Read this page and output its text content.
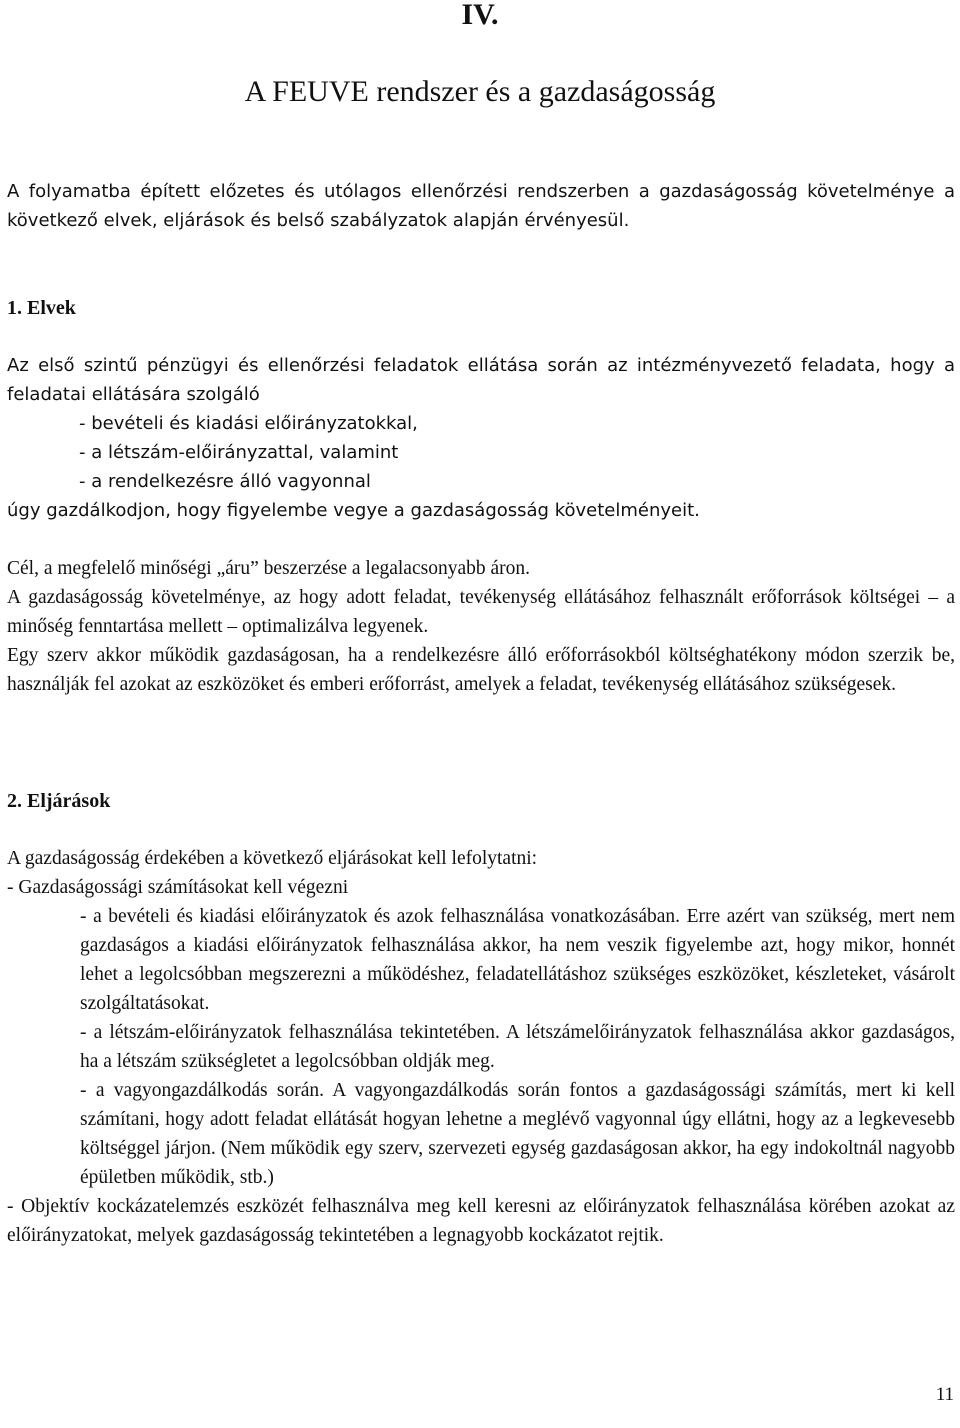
IV.
A FEUVE rendszer és a gazdaságosság
A folyamatba épített előzetes és utólagos ellenőrzési rendszerben a gazdaságosság követelménye a következő elvek, eljárások és belső szabályzatok alapján érvényesül.
1. Elvek

Az első szintű pénzügyi és ellenőrzési feladatok ellátása során az intézményvezető feladata, hogy a feladatai ellátására szolgáló

- bevételi és kiadási előirányzatokkal,

- a létszám-előirányzattal, valamint

- a rendelkezésre álló vagyonnal

úgy gazdálkodjon, hogy figyelembe vegye a gazdaságosság követelményeit.

Cél, a megfelelő minőségi „áru” beszerzése a legalacsonyabb áron.

A gazdaságosság követelménye, az hogy adott feladat, tevékenység ellátásához felhasznált erőforrások költségei – a minőség fenntartása mellett – optimalizálva legyenek.

Egy szerv akkor működik gazdaságosan, ha a rendelkezésre álló erőforrásokból költséghatékony módon szerzik be, használják fel azokat az eszközöket és emberi erőforrást, amelyek a feladat, tevékenység ellátásához szükségesek.

2. Eljárások

A gazdaságosság érdekében a következő eljárásokat kell lefolytatni:

- Gazdaságossági számításokat kell végezni

- a bevételi és kiadási előirányzatok és azok felhasználása vonatkozásában. Erre azért van szükség, mert nem gazdaságos a kiadási előirányzatok felhasználása akkor, ha nem veszik figyelembe azt, hogy mikor, honnét lehet a legolcsóbban megszerezni a működéshez, feladatellátáshoz szükséges eszközöket, készleteket, vásárolt szolgáltatásokat.

- a létszám-előirányzatok felhasználása tekintetében. A létszámelőirányzatok felhasználása akkor gazdaságos, ha a létszám szükségletet a legolcsóbban oldják meg.

- a vagyongazdálkodás során. A vagyongazdálkodás során fontos a gazdaságossági számítás, mert ki kell számítani, hogy adott feladat ellátását hogyan lehetne a meglévő vagyonnal úgy ellátni, hogy az a legkevesebb költséggel járjon. (Nem működik egy szerv, szervezeti egység gazdaságosan akkor, ha egy indokoltnál nagyobb épületben működik, stb.)

- Objektív kockázatelemzés eszközét felhasználva meg kell keresni az előirányzatok felhasználása körében azokat az előirányzatokat, melyek gazdaságosság tekintetében a legnagyobb kockázatot rejtik.

11
